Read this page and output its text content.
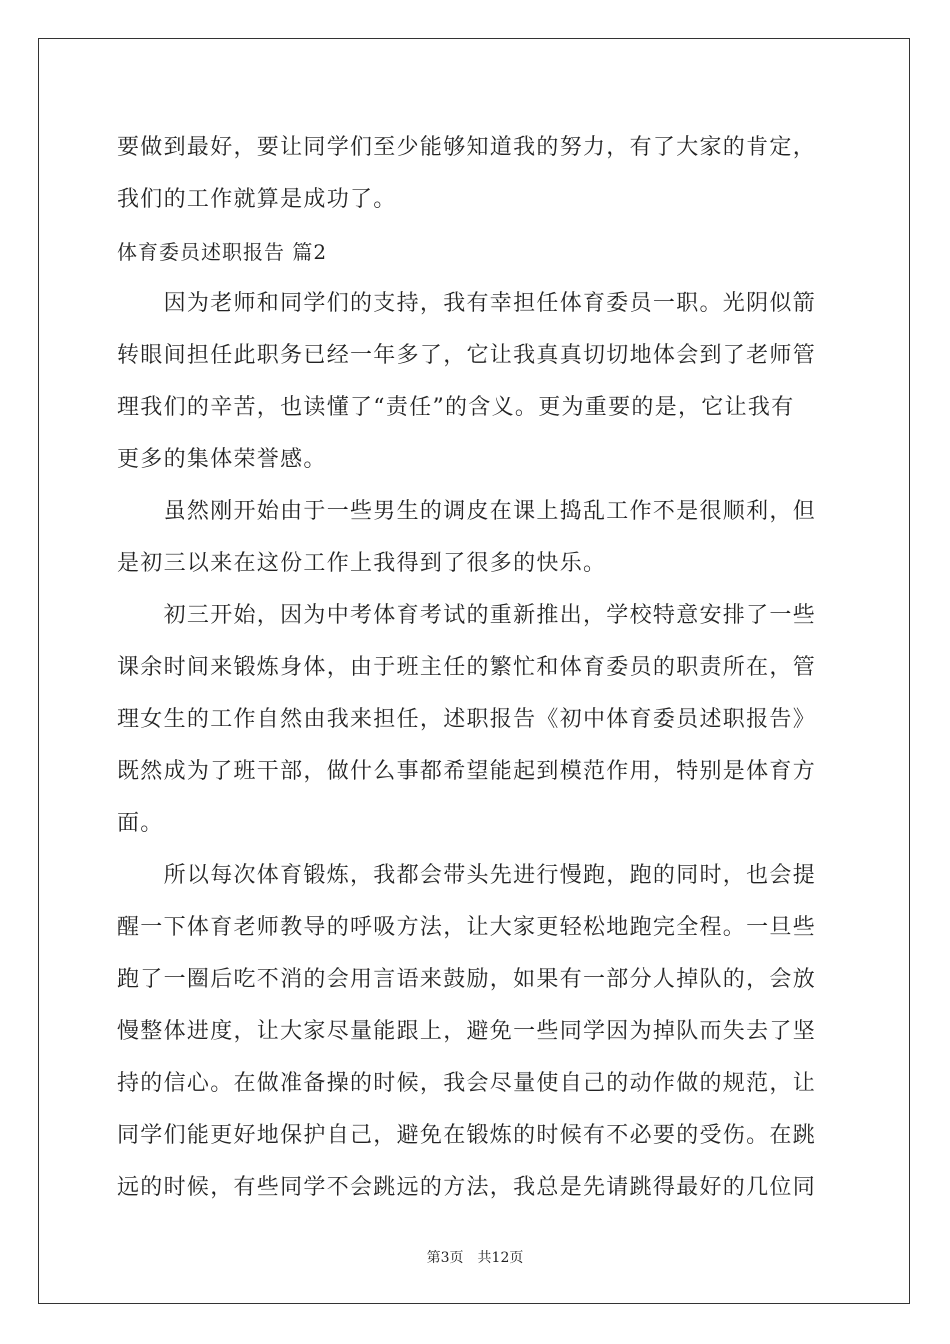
要做到最好，要让同学们至少能够知道我的努力，有了大家的肯定，
我们的工作就算是成功了。
体育委员述职报告 篇2
　　因为老师和同学们的支持，我有幸担任体育委员一职。光阴似箭
转眼间担任此职务已经一年多了，它让我真真切切地体会到了老师管
理我们的辛苦，也读懂了“责任”的含义。更为重要的是，它让我有
更多的集体荣誉感。
　　虽然刚开始由于一些男生的调皮在课上捣乱工作不是很顺利，但
是初三以来在这份工作上我得到了很多的快乐。
　　初三开始，因为中考体育考试的重新推出，学校特意安排了一些
课余时间来锻炼身体，由于班主任的繁忙和体育委员的职责所在，管
理女生的工作自然由我来担任，述职报告《初中体育委员述职报告》
既然成为了班干部，做什么事都希望能起到模范作用，特别是体育方
面。
　　所以每次体育锻炼，我都会带头先进行慢跑，跑的同时，也会提
醒一下体育老师教导的呼吸方法，让大家更轻松地跑完全程。一旦些
跑了一圈后吃不消的会用言语来鼓励，如果有一部分人掉队的，会放
慢整体进度，让大家尽量能跟上，避免一些同学因为掉队而失去了坚
持的信心。在做准备操的时候，我会尽量使自己的动作做的规范，让
同学们能更好地保护自己，避免在锻炼的时候有不必要的受伤。在跳
远的时候，有些同学不会跳远的方法，我总是先请跳得最好的几位同
第3页 共12页
